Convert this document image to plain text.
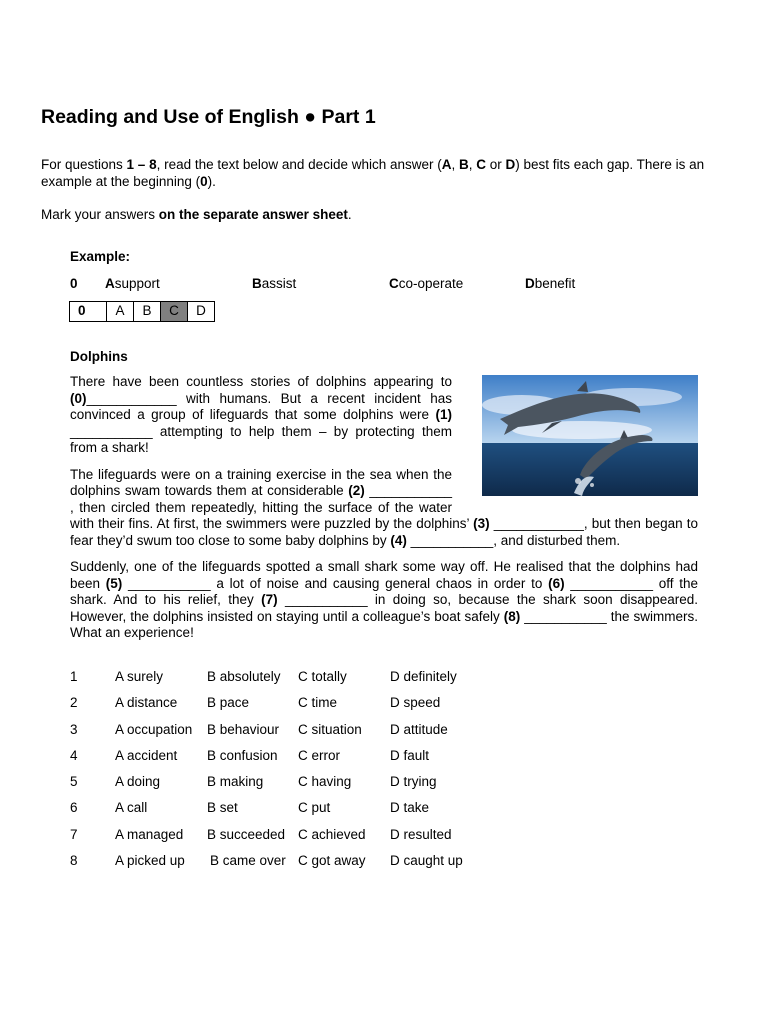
Reading and Use of English ● Part 1

For questions 1 – 8, read the text below and decide which answer (A, B, C or D) best fits each gap. There is an example at the beginning (0).

Mark your answers on the separate answer sheet.

Example:
0 A support	B assist	C co-operate	D benefit
0	A	B	C	D
Dolphins

There have been countless stories of dolphins appearing to (0)____________ with humans. But a recent incident has convinced a group of lifeguards that some dolphins were (1) ___________ attempting to help them – by protecting them from a shark!

The lifeguards were on a training exercise in the sea when the dolphins swam towards them at considerable (2) ___________ , then circled them repeatedly, hitting the surface of the water with their fins. At first, the swimmers were puzzled by the dolphins’ (3) ____________, but then began to fear they’d swum too close to some baby dolphins by (4) ___________, and disturbed them.

Suddenly, one of the lifeguards spotted a small shark some way off. He realised that the dolphins had been (5) ___________ a lot of noise and causing general chaos in order to (6) ___________ off the shark. And to his relief, they (7) ___________ in doing so, because the shark soon disappeared. However, the dolphins insisted on staying until a colleague’s boat safely (8) ___________ the swimmers. What an experience!

1	A surely	B absolutely C totally	D definitely
2	A distance B pace	C time	D speed
3	A occupation B behaviour C situation D attitude
4	A accident B confusion C error	D fault
5	A doing	B making	C having	D trying
6	A call	B set	C put	D take
7	A managed B succeeded C achieved D resulted
8	A picked up B came over C got away D caught up
